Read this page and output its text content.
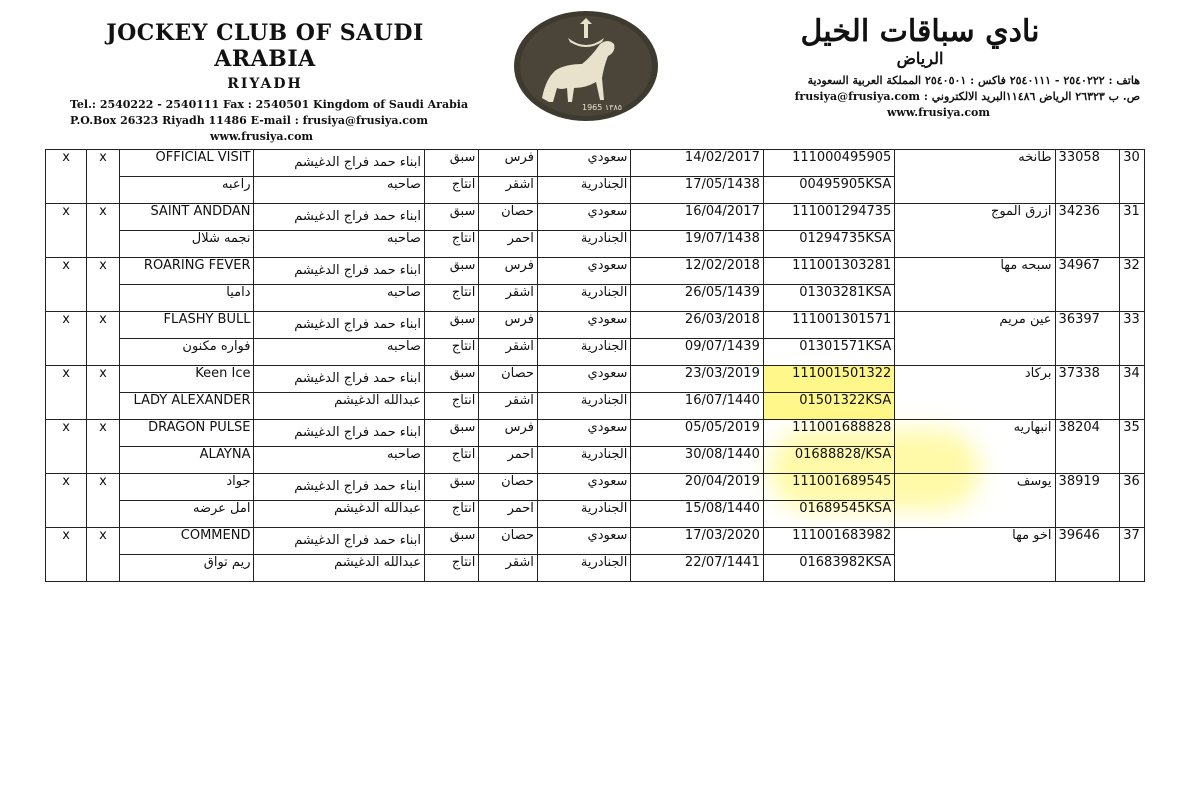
JOCKEY CLUB OF SAUDI ARABIA
RIYADH
Tel.: 2540222 - 2540111 Fax : 2540501 Kingdom of Saudi Arabia
P.O.Box 26323 Riyadh 11486 E-mail : frusiya@frusiya.com
www.frusiya.com
1965 ١٣٨٥
نادي سباقات الخيل
الرياض
هاتف : ٢٥٤٠٢٢٢ - ٢٥٤٠١١١ فاكس : ٢٥٤٠٥٠١ المملكة العربية السعودية
ص. ب ٢٦٣٢٣ الرياض ١١٤٨٦البريد الالكتروني : frusiya@frusiya.com
www.frusiya.com
x	x	OFFICIAL VISIT	ابناء حمد فراج الدغيشم	سبق	فرس	سعودي	14/02/2017	111000495905	طانخه	33058	30
		راعبه	صاحبه	انتاج	اشقر	الجنادرية	17/05/1438	00495905KSA			
x	x	SAINT ANDDAN	ابناء حمد فراج الدغيشم	سبق	حصان	سعودي	16/04/2017	111001294735	ازرق الموج	34236	31
		نجمه شلال	صاحبه	انتاج	احمر	الجنادرية	19/07/1438	01294735KSA			
x	x	ROARING FEVER	ابناء حمد فراج الدغيشم	سبق	فرس	سعودي	12/02/2018	111001303281	سبحه مها	34967	32
		داميا	صاحبه	انتاج	اشقر	الجنادرية	26/05/1439	01303281KSA			
x	x	FLASHY BULL	ابناء حمد فراج الدغيشم	سبق	فرس	سعودي	26/03/2018	111001301571	عين مريم	36397	33
		فواره مكنون	صاحبه	انتاج	اشقر	الجنادرية	09/07/1439	01301571KSA			
x	x	Keen Ice	ابناء حمد فراج الدغيشم	سبق	حصان	سعودي	23/03/2019	111001501322	بركاد	37338	34
		LADY ALEXANDER	عبدالله الدغيشم	انتاج	اشقر	الجنادرية	16/07/1440	01501322KSA			
x	x	DRAGON PULSE	ابناء حمد فراج الدغيشم	سبق	فرس	سعودي	05/05/2019	111001688828	انبهاريه	38204	35
		ALAYNA	صاحبه	انتاج	احمر	الجنادرية	30/08/1440	01688828/KSA			
x	x	جواد	ابناء حمد فراج الدغيشم	سبق	حصان	سعودي	20/04/2019	111001689545	يوسف	38919	36
		امل عرضه	عبدالله الدغيشم	انتاج	احمر	الجنادرية	15/08/1440	01689545KSA			
x	x	COMMEND	ابناء حمد فراج الدغيشم	سبق	حصان	سعودي	17/03/2020	111001683982	اخو مها	39646	37
		ريم تواق	عبدالله الدغيشم	انتاج	اشقر	الجنادرية	22/07/1441	01683982KSA			
